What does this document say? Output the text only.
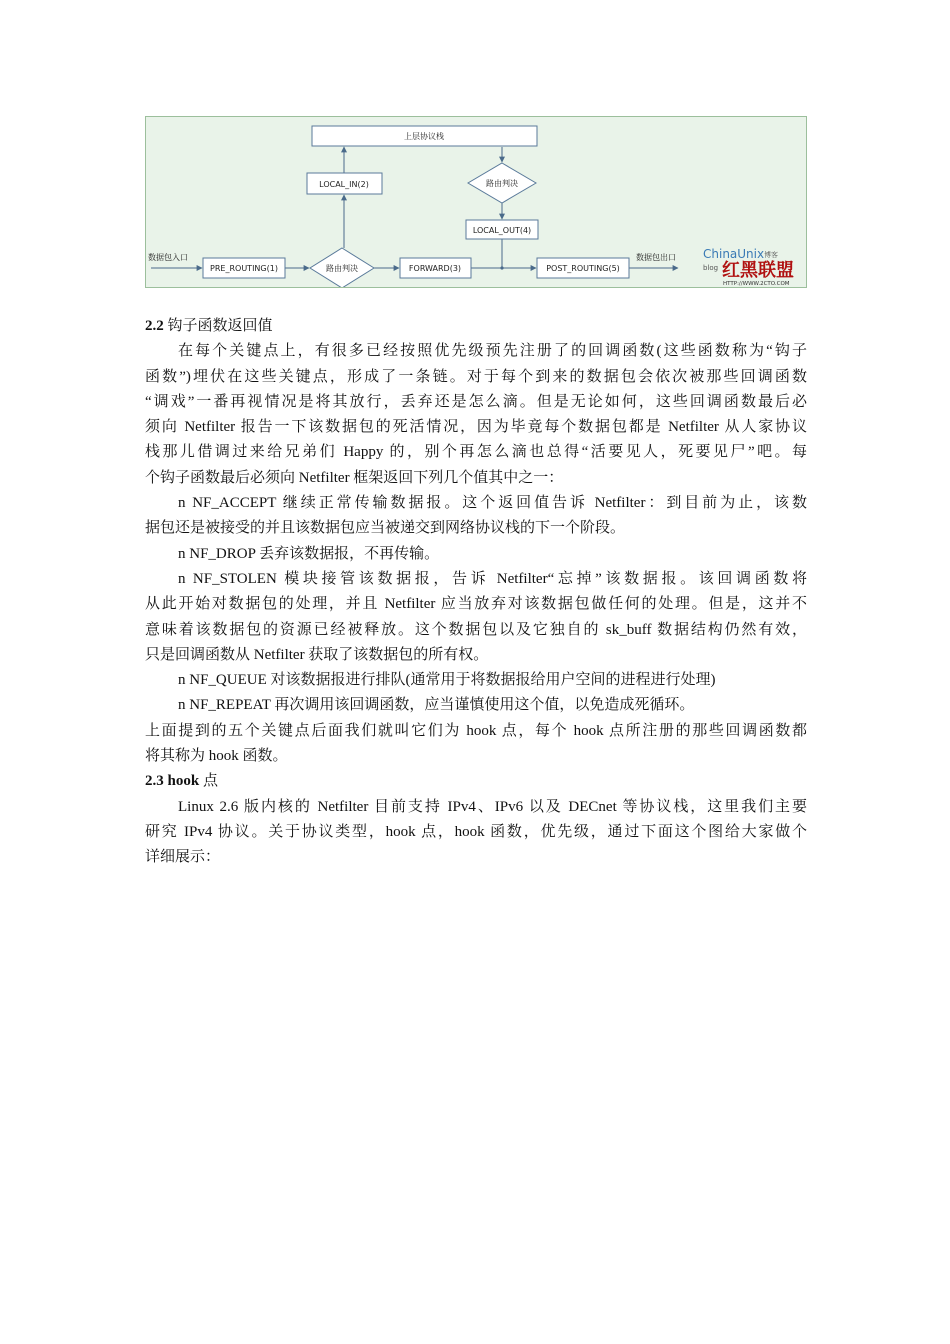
上层协议栈
LOCAL_IN(2)	路由判决
LOCAL_OUT(4)
数据包入口
PRE_ROUTING(1)	路由判决	FORWARD(3)	POST_ROUTING(5)
数据包出口 ChinaUnix 博客
blog 红黑联盟
HTTP://WWW.2CTO.COM
2.2 钩子函数返回值
在每个关键点上，有很多已经按照优先级预先注册了的回调函数(这些函数称为“钩子
函数”)埋伏在这些关键点，形成了一条链。对于每个到来的数据包会依次被那些回调函数
“调戏”一番再视情况是将其放行，丢弃还是怎么滴。但是无论如何，这些回调函数最后必
须向 Netfilter 报告一下该数据包的死活情况，因为毕竟每个数据包都是 Netfilter 从人家协议
栈那儿借调过来给兄弟们 Happy 的，别个再怎么滴也总得“活要见人，死要见尸”吧。每
个钩子函数最后必须向 Netfilter 框架返回下列几个值其中之一：
n NF_ACCEPT 继续正常传输数据报。这个返回值告诉 Netfilter：到目前为止，该数
据包还是被接受的并且该数据包应当被递交到网络协议栈的下一个阶段。
n NF_DROP 丢弃该数据报，不再传输。
n NF_STOLEN 模块接管该数据报，告诉 Netfilter“忘掉”该数据报。该回调函数将
从此开始对数据包的处理，并且 Netfilter 应当放弃对该数据包做任何的处理。但是，这并不
意味着该数据包的资源已经被释放。这个数据包以及它独自的 sk_buff 数据结构仍然有效，
只是回调函数从 Netfilter 获取了该数据包的所有权。
n NF_QUEUE 对该数据报进行排队(通常用于将数据报给用户空间的进程进行处理)
n NF_REPEAT 再次调用该回调函数，应当谨慎使用这个值，以免造成死循环。
上面提到的五个关键点后面我们就叫它们为 hook 点，每个 hook 点所注册的那些回调函数都
将其称为 hook 函数。
2.3 hook 点
Linux 2.6 版内核的 Netfilter 目前支持 IPv4、IPv6 以及 DECnet 等协议栈，这里我们主要
研究 IPv4 协议。关于协议类型，hook 点，hook 函数，优先级，通过下面这个图给大家做个
详细展示：
